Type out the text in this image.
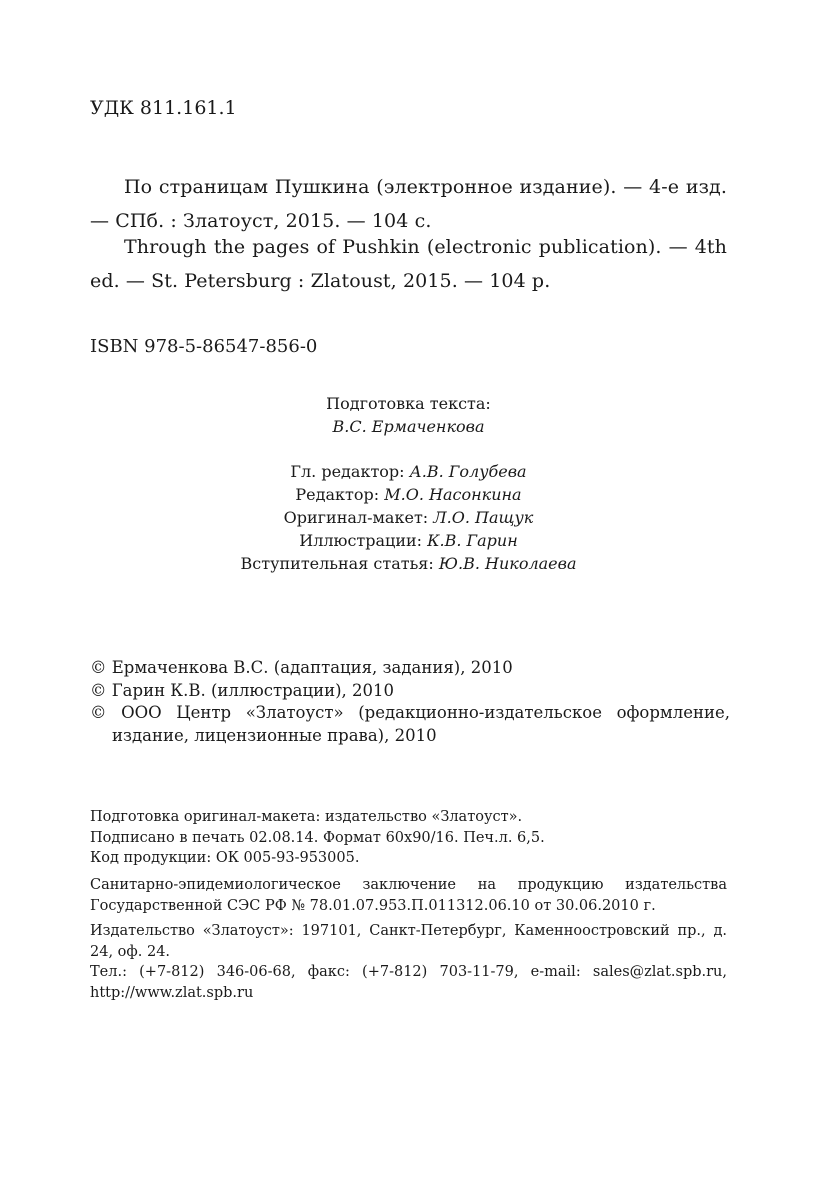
УДК 811.161.1
По страницам Пушкина (электронное издание). — 4-е изд. — СПб. : Златоуст, 2015. — 104 с.
Through the pages of Pushkin (electronic publication). — 4th ed. — St. Petersburg : Zlatoust, 2015. — 104 p.
ISBN 978-5-86547-856-0
Подготовка текста:
В.С. Ермаченкова
Гл. редактор: А.В. Голубева
Редактор: М.О. Насонкина
Оригинал-макет: Л.О. Пащук
Иллюстрации: К.В. Гарин
Вступительная статья: Ю.В. Николаева
© Ермаченкова В.С. (адаптация, задания), 2010
© Гарин К.В. (иллюстрации), 2010
© ООО Центр «Златоуст» (редакционно-издательское оформление, издание, лицензионные права), 2010
Подготовка оригинал-макета: издательство «Златоуст».
Подписано в печать 02.08.14. Формат 60х90/16. Печ.л. 6,5.
Код продукции: ОК 005-93-953005.
Санитарно-эпидемиологическое заключение на продукцию издательства Государственной СЭС РФ № 78.01.07.953.П.011312.06.10 от 30.06.2010 г.
Издательство «Златоуст»: 197101, Санкт-Петербург, Каменноостровский пр., д. 24, оф. 24.
Тел.: (+7-812) 346-06-68, факс: (+7-812) 703-11-79, e-mail: sales@zlat.spb.ru, http://www.zlat.spb.ru
